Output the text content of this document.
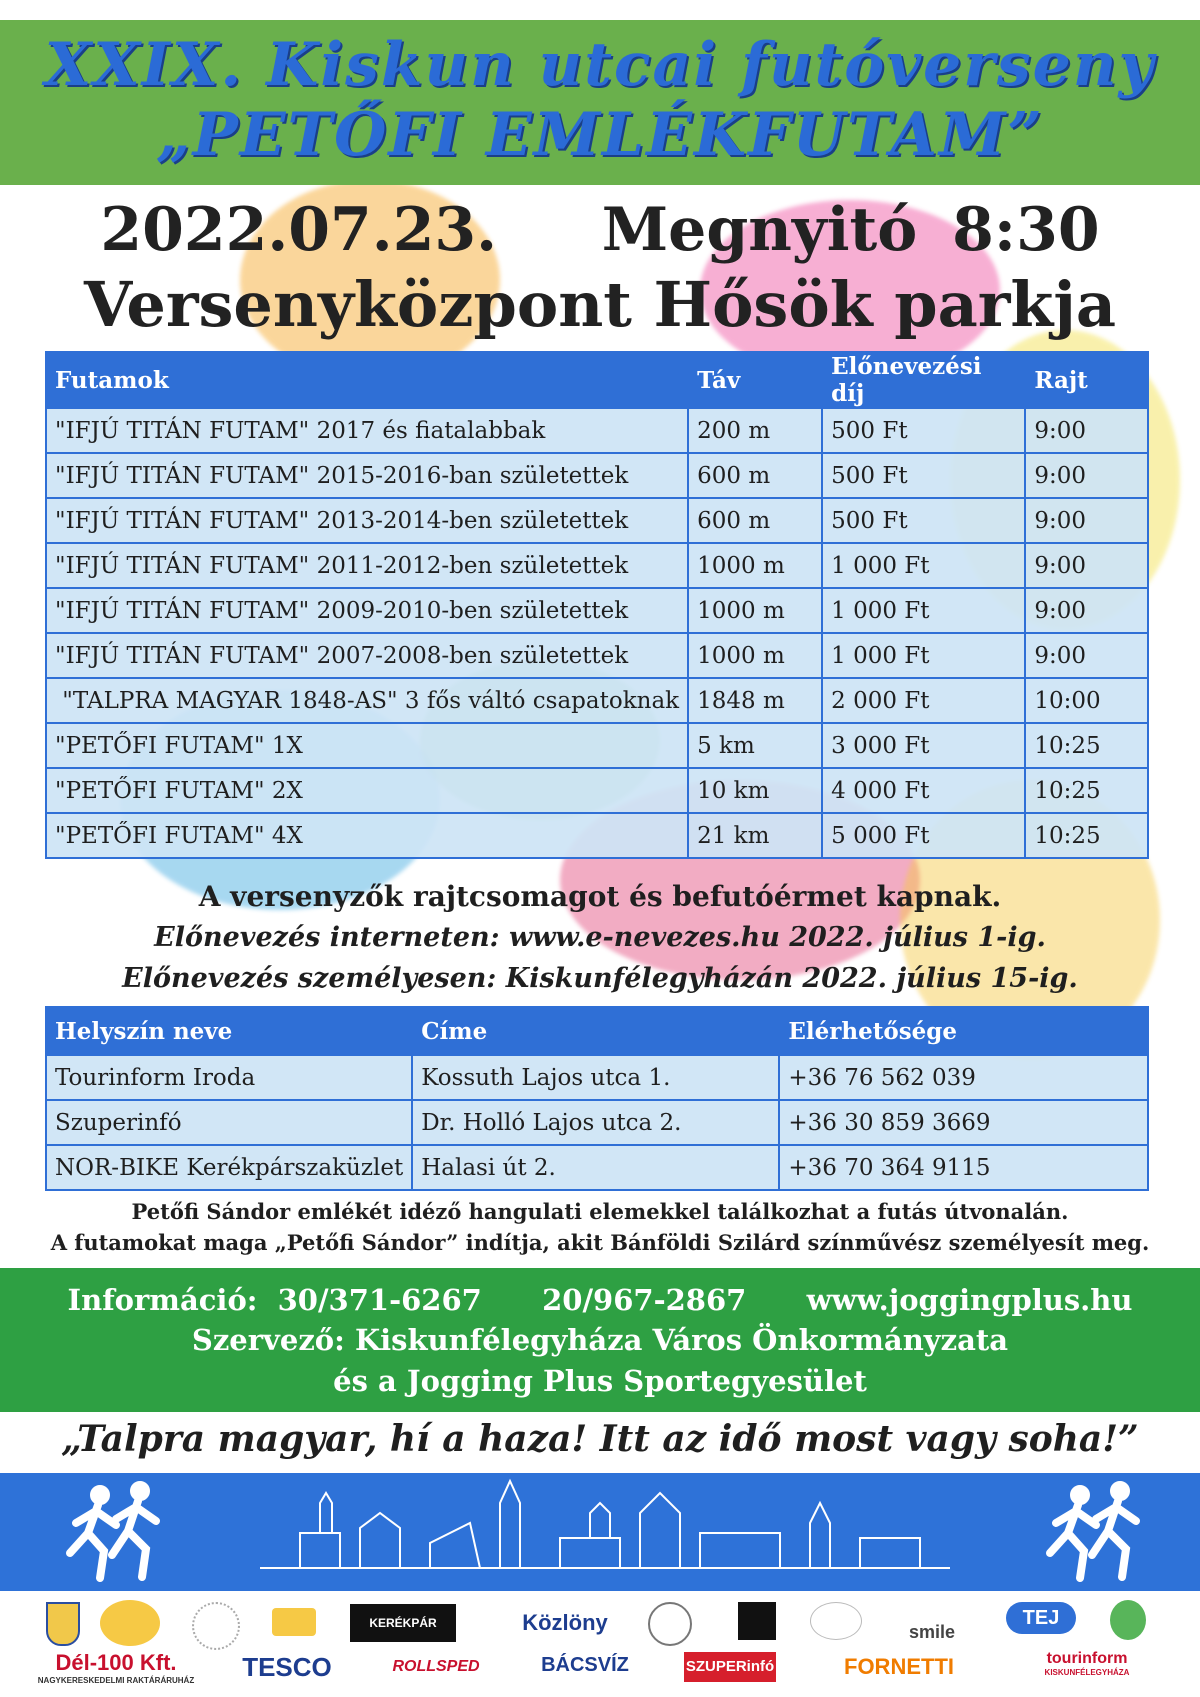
XXIX. Kiskun utcai futóverseny
„PETŐFI EMLÉKFUTAM”
2022.07.23.   Megnyitó 8:30
Versenyközpont Hősök parkja
Futamok	Táv	Előnevezési díj	Rajt
"IFJÚ TITÁN FUTAM" 2017 és fiatalabbak	200 m	500 Ft	9:00
"IFJÚ TITÁN FUTAM" 2015-2016-ban születettek	600 m	500 Ft	9:00
"IFJÚ TITÁN FUTAM" 2013-2014-ben születettek	600 m	500 Ft	9:00
"IFJÚ TITÁN FUTAM" 2011-2012-ben születettek	1000 m	1 000 Ft	9:00
"IFJÚ TITÁN FUTAM" 2009-2010-ben születettek	1000 m	1 000 Ft	9:00
"IFJÚ TITÁN FUTAM" 2007-2008-ben születettek	1000 m	1 000 Ft	9:00
"TALPRA MAGYAR 1848-AS" 3 fős váltó csapatoknak	1848 m	2 000 Ft	10:00
"PETŐFI FUTAM" 1X	5 km	3 000 Ft	10:25
"PETŐFI FUTAM" 2X	10 km	4 000 Ft	10:25
"PETŐFI FUTAM" 4X	21 km	5 000 Ft	10:25
A versenyzők rajtcsomagot és befutóérmet kapnak.
Előnevezés interneten: www.e-nevezes.hu 2022. július 1-ig.
Előnevezés személyesen: Kiskunfélegyházán 2022. július 15-ig.
Helyszín neve	Címe	Elérhetősége
Tourinform Iroda	Kossuth Lajos utca 1.	+36 76 562 039
Szuperinfó	Dr. Holló Lajos utca 2.	+36 30 859 3669
NOR-BIKE Kerékpárszaküzlet	Halasi út 2.	+36 70 364 9115
Petőfi Sándor emlékét idéző hangulati elemekkel találkozhat a futás útvonalán.
A futamokat maga „Petőfi Sándor” indítja, akit Bánföldi Szilárd színművész személyesít meg.
Információ: 30/371-6267   20/967-2867   www.joggingplus.hu
Szervező: Kiskunfélegyháza Város Önkormányzata
és a Jogging Plus Sportegyesület
„Talpra magyar, hí a haza! Itt az idő most vagy soha!”
KERÉKPÁR	Közlöny	smile
TEJ
Dél-100 Kft.
NAGYKERESKEDELMI RAKTÁRÁRUHÁZ	TESCO	ROLLSPED	BÁCSVÍZ	SZUPERinfó	FORNETTI	tourinform
KISKUNFÉLEGYHÁZA
